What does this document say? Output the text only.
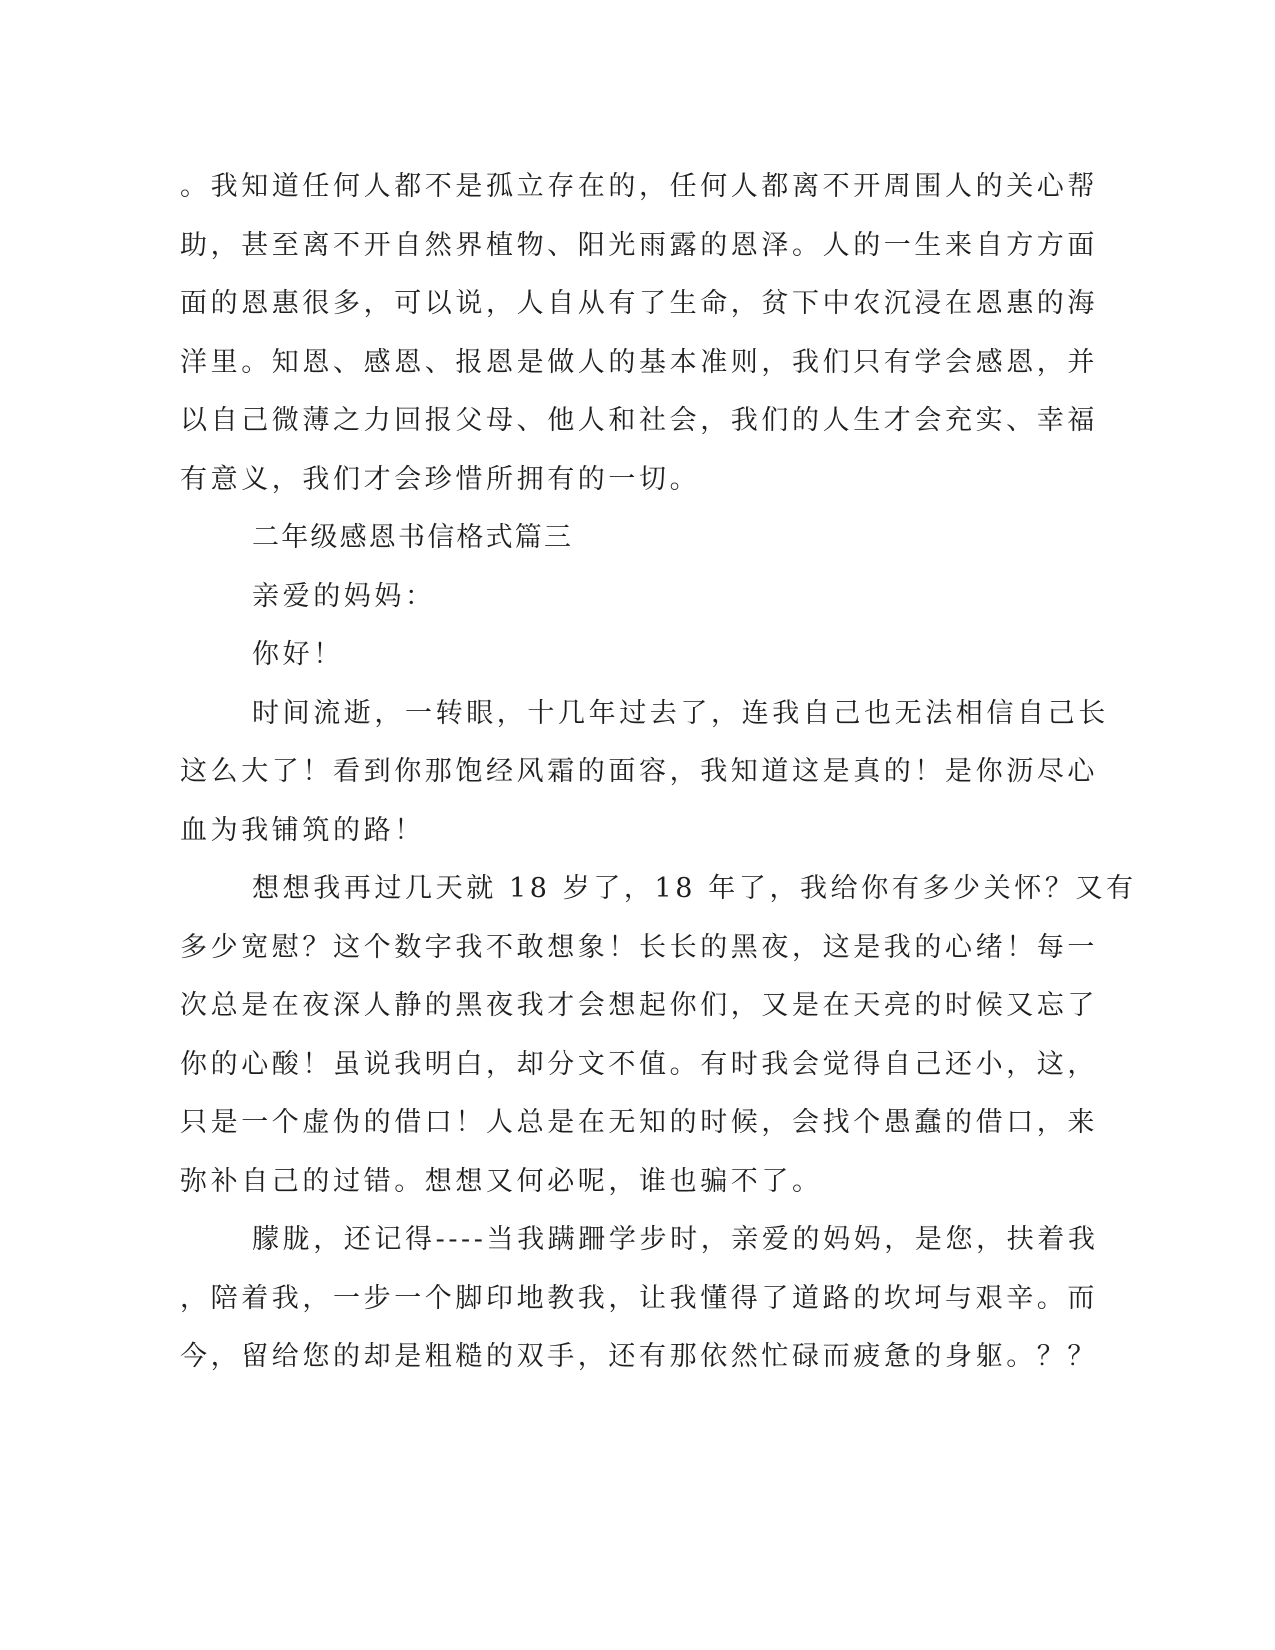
。我知道任何人都不是孤立存在的，任何人都离不开周围人的关心帮
助，甚至离不开自然界植物、阳光雨露的恩泽。人的一生来自方方面
面的恩惠很多，可以说，人自从有了生命，贫下中农沉浸在恩惠的海
洋里。知恩、感恩、报恩是做人的基本准则，我们只有学会感恩，并
以自己微薄之力回报父母、他人和社会，我们的人生才会充实、幸福
有意义，我们才会珍惜所拥有的一切。
二年级感恩书信格式篇三
亲爱的妈妈：
你好！
时间流逝，一转眼，十几年过去了，连我自己也无法相信自己长
这么大了！看到你那饱经风霜的面容，我知道这是真的！是你沥尽心
血为我铺筑的路！
想想我再过几天就 18 岁了，18 年了，我给你有多少关怀？又有
多少宽慰？这个数字我不敢想象！长长的黑夜，这是我的心绪！每一
次总是在夜深人静的黑夜我才会想起你们，又是在天亮的时候又忘了
你的心酸！虽说我明白，却分文不值。有时我会觉得自己还小，这，
只是一个虚伪的借口！人总是在无知的时候，会找个愚蠢的借口，来
弥补自己的过错。想想又何必呢，谁也骗不了。
朦胧，还记得----当我蹒跚学步时，亲爱的妈妈，是您，扶着我
，陪着我，一步一个脚印地教我，让我懂得了道路的坎坷与艰辛。而
今，留给您的却是粗糙的双手，还有那依然忙碌而疲惫的身躯。？？
